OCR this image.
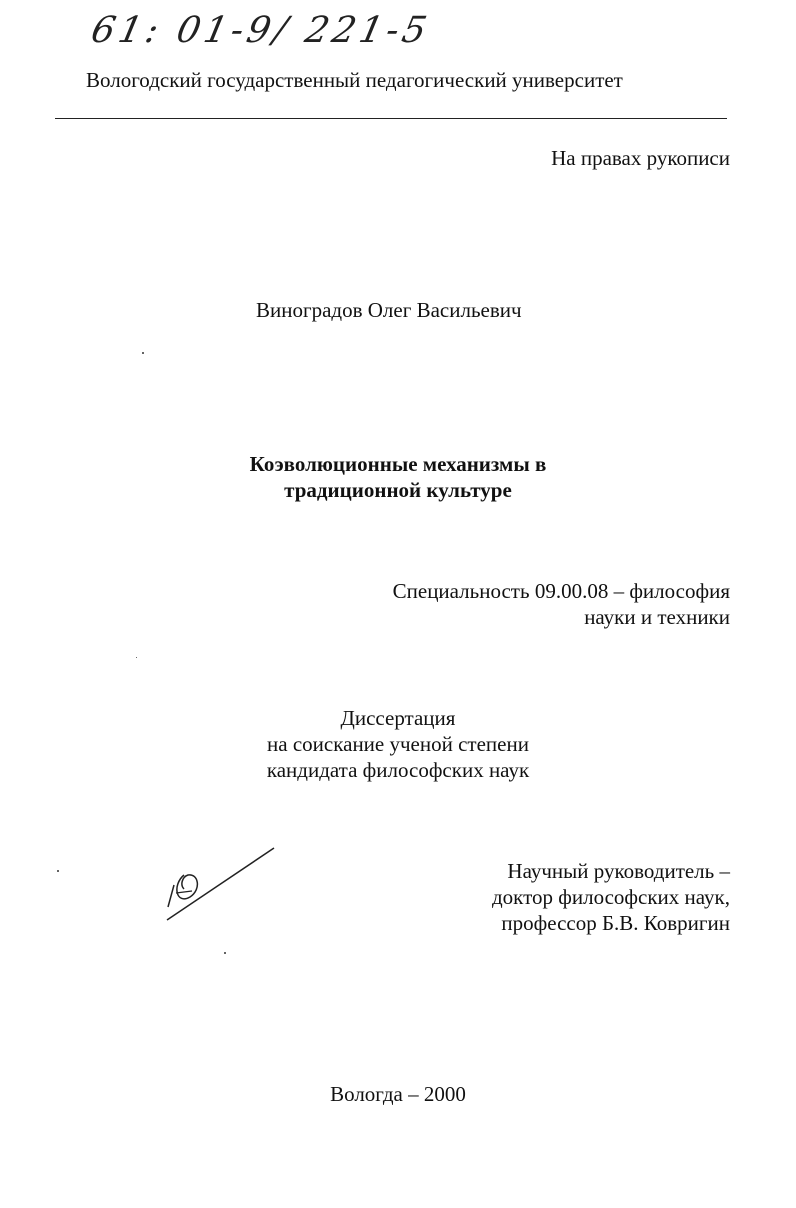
61: 01-9/ 221-5
Вологодский государственный педагогический университет
На правах рукописи
Виноградов Олег Васильевич
Коэволюционные механизмы в
традиционной культуре
Специальность 09.00.08 – философия
науки и техники
Диссертация
на соискание ученой степени
кандидата философских наук
Научный руководитель –
доктор философских наук,
профессор Б.В. Ковригин
Вологда – 2000
